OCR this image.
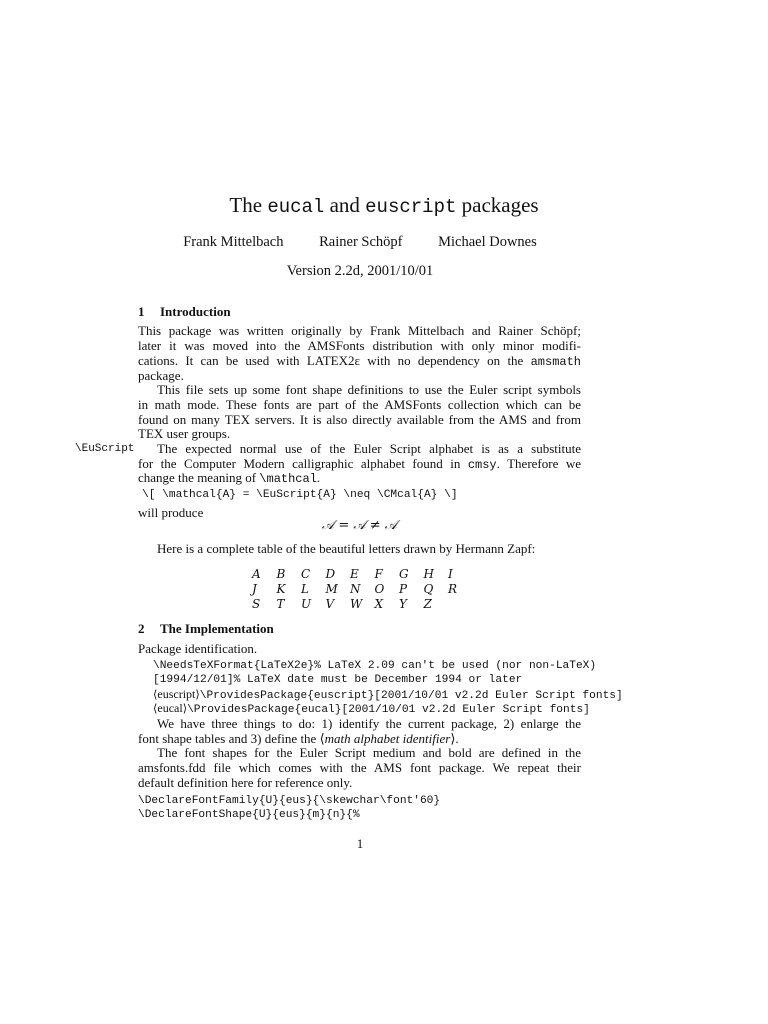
The eucal and euscript packages
Frank Mittelbach Rainer Schöpf Michael Downes
Version 2.2d, 2001/10/01
1 Introduction
This package was written originally by Frank Mittelbach and Rainer Schöpf;
later it was moved into the AMSFonts distribution with only minor modifi-
cations. It can be used with LATEX2ε with no dependency on the amsmath
package.
This file sets up some font shape definitions to use the Euler script symbols
in math mode. These fonts are part of the AMSFonts collection which can be
found on many TEX servers. It is also directly available from the AMS and from
TEX user groups.
\EuScript The expected normal use of the Euler Script alphabet is as a substitute
for the Computer Modern calligraphic alphabet found in cmsy. Therefore we
change the meaning of \mathcal.
\[ \mathcal{A} = \EuScript{A} \neq \CMcal{A} \]
will produce
𝒜 = 𝒜 ≠ 𝒜
Here is a complete table of the beautiful letters drawn by Hermann Zapf:
A B C D E F G H I
J K L M N O P Q R
S T U V W X Y Z
2 The Implementation
Package identification.
\NeedsTeXFormat{LaTeX2e}% LaTeX 2.09 can't be used (nor non-LaTeX)
[1994/12/01]% LaTeX date must be December 1994 or later
⟨euscript⟩\ProvidesPackage{euscript}[2001/10/01 v2.2d Euler Script fonts]
⟨eucal⟩\ProvidesPackage{eucal}[2001/10/01 v2.2d Euler Script fonts]
We have three things to do: 1) identify the current package, 2) enlarge the
font shape tables and 3) define the ⟨math alphabet identifier⟩.
The font shapes for the Euler Script medium and bold are defined in the
amsfonts.fdd file which comes with the AMS font package. We repeat their
default definition here for reference only.
\DeclareFontFamily{U}{eus}{\skewchar\font'60}
\DeclareFontShape{U}{eus}{m}{n}{%
1
